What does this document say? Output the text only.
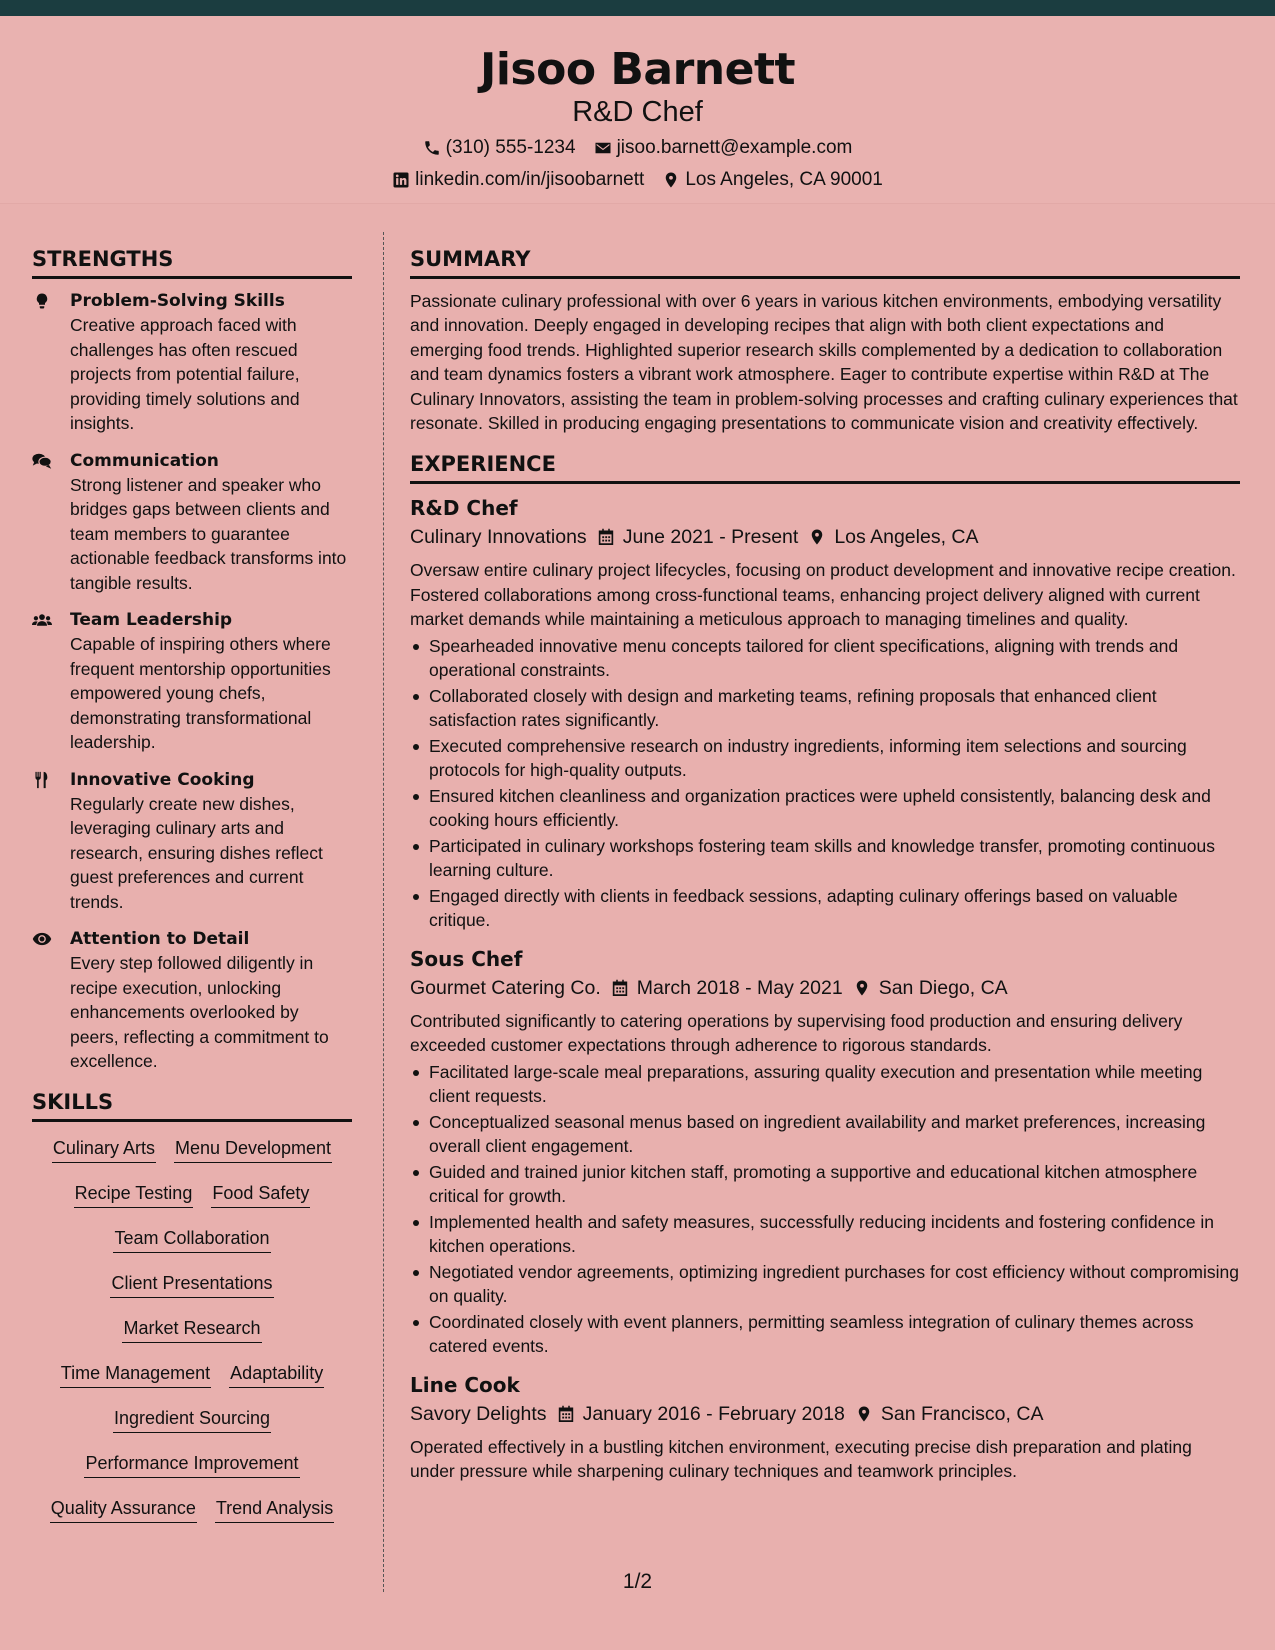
Jisoo Barnett
R&D Chef
(310) 555-1234 jisoo.barnett@example.com
linkedin.com/in/jisoobarnett Los Angeles, CA 90001
STRENGTHS
Problem-Solving Skills
Creative approach faced with challenges has often rescued projects from potential failure, providing timely solutions and insights.
Communication
Strong listener and speaker who bridges gaps between clients and team members to guarantee actionable feedback transforms into tangible results.
Team Leadership
Capable of inspiring others where frequent mentorship opportunities empowered young chefs, demonstrating transformational leadership.
Innovative Cooking
Regularly create new dishes, leveraging culinary arts and research, ensuring dishes reflect guest preferences and current trends.
Attention to Detail
Every step followed diligently in recipe execution, unlocking enhancements overlooked by peers, reflecting a commitment to excellence.
SKILLS
Culinary Arts Menu Development
Recipe Testing Food Safety
Team Collaboration
Client Presentations
Market Research
Time Management Adaptability
Ingredient Sourcing
Performance Improvement
Quality Assurance Trend Analysis
SUMMARY
Passionate culinary professional with over 6 years in various kitchen environments, embodying versatility and innovation. Deeply engaged in developing recipes that align with both client expectations and emerging food trends. Highlighted superior research skills complemented by a dedication to collaboration and team dynamics fosters a vibrant work atmosphere. Eager to contribute expertise within R&D at The Culinary Innovators, assisting the team in problem-solving processes and crafting culinary experiences that resonate. Skilled in producing engaging presentations to communicate vision and creativity effectively.
EXPERIENCE
R&D Chef
Culinary Innovations June 2021 - Present Los Angeles, CA
Oversaw entire culinary project lifecycles, focusing on product development and innovative recipe creation. Fostered collaborations among cross-functional teams, enhancing project delivery aligned with current market demands while maintaining a meticulous approach to managing timelines and quality.
Spearheaded innovative menu concepts tailored for client specifications, aligning with trends and operational constraints.
Collaborated closely with design and marketing teams, refining proposals that enhanced client satisfaction rates significantly.
Executed comprehensive research on industry ingredients, informing item selections and sourcing protocols for high-quality outputs.
Ensured kitchen cleanliness and organization practices were upheld consistently, balancing desk and cooking hours efficiently.
Participated in culinary workshops fostering team skills and knowledge transfer, promoting continuous learning culture.
Engaged directly with clients in feedback sessions, adapting culinary offerings based on valuable critique.
Sous Chef
Gourmet Catering Co. March 2018 - May 2021 San Diego, CA
Contributed significantly to catering operations by supervising food production and ensuring delivery exceeded customer expectations through adherence to rigorous standards.
Facilitated large-scale meal preparations, assuring quality execution and presentation while meeting client requests.
Conceptualized seasonal menus based on ingredient availability and market preferences, increasing overall client engagement.
Guided and trained junior kitchen staff, promoting a supportive and educational kitchen atmosphere critical for growth.
Implemented health and safety measures, successfully reducing incidents and fostering confidence in kitchen operations.
Negotiated vendor agreements, optimizing ingredient purchases for cost efficiency without compromising on quality.
Coordinated closely with event planners, permitting seamless integration of culinary themes across catered events.
Line Cook
Savory Delights January 2016 - February 2018 San Francisco, CA
Operated effectively in a bustling kitchen environment, executing precise dish preparation and plating under pressure while sharpening culinary techniques and teamwork principles.
1/2
